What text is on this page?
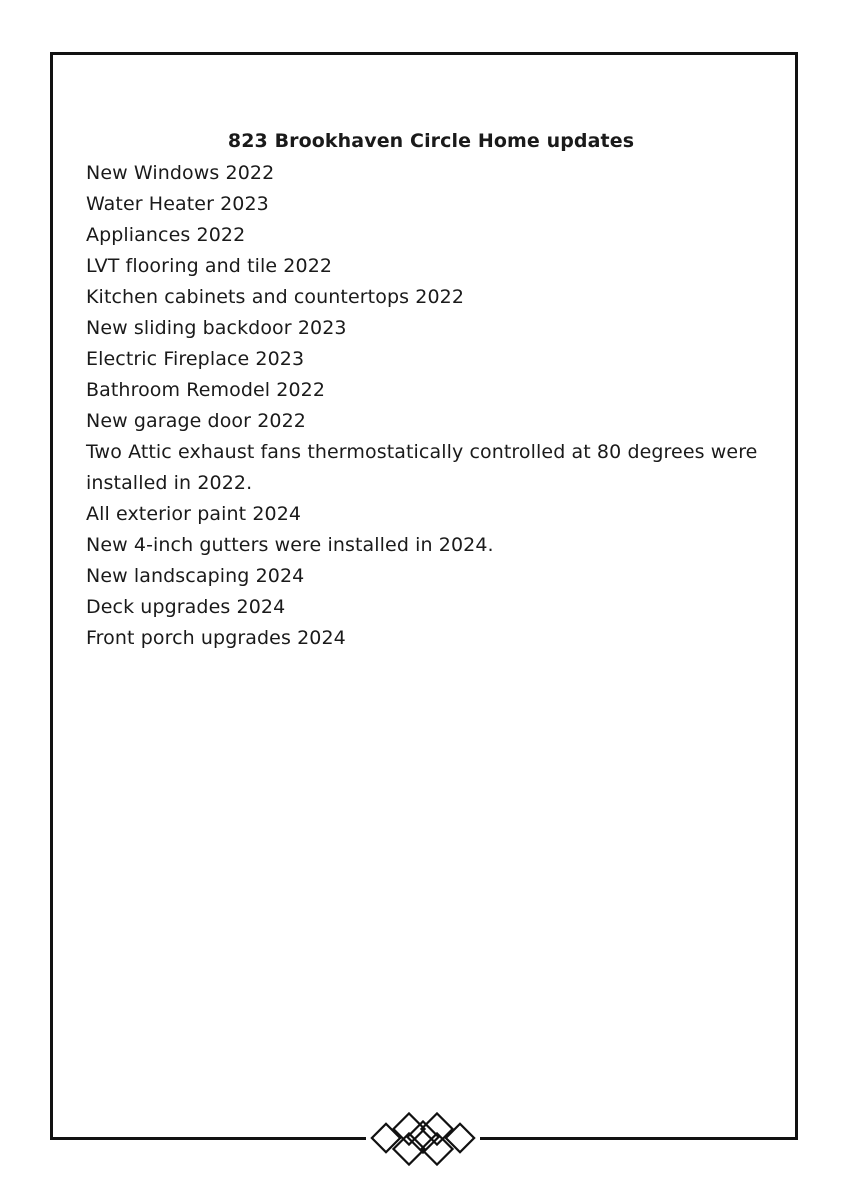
823 Brookhaven Circle Home updates
New Windows 2022
Water Heater 2023
Appliances 2022
LVT flooring and tile 2022
Kitchen cabinets and countertops 2022
New sliding backdoor 2023
Electric Fireplace 2023
Bathroom Remodel 2022
New garage door 2022
Two Attic exhaust fans thermostatically controlled at 80 degrees were installed in 2022.
All exterior paint 2024
New 4-inch gutters were installed in 2024.
New landscaping 2024
Deck upgrades 2024
Front porch upgrades 2024
